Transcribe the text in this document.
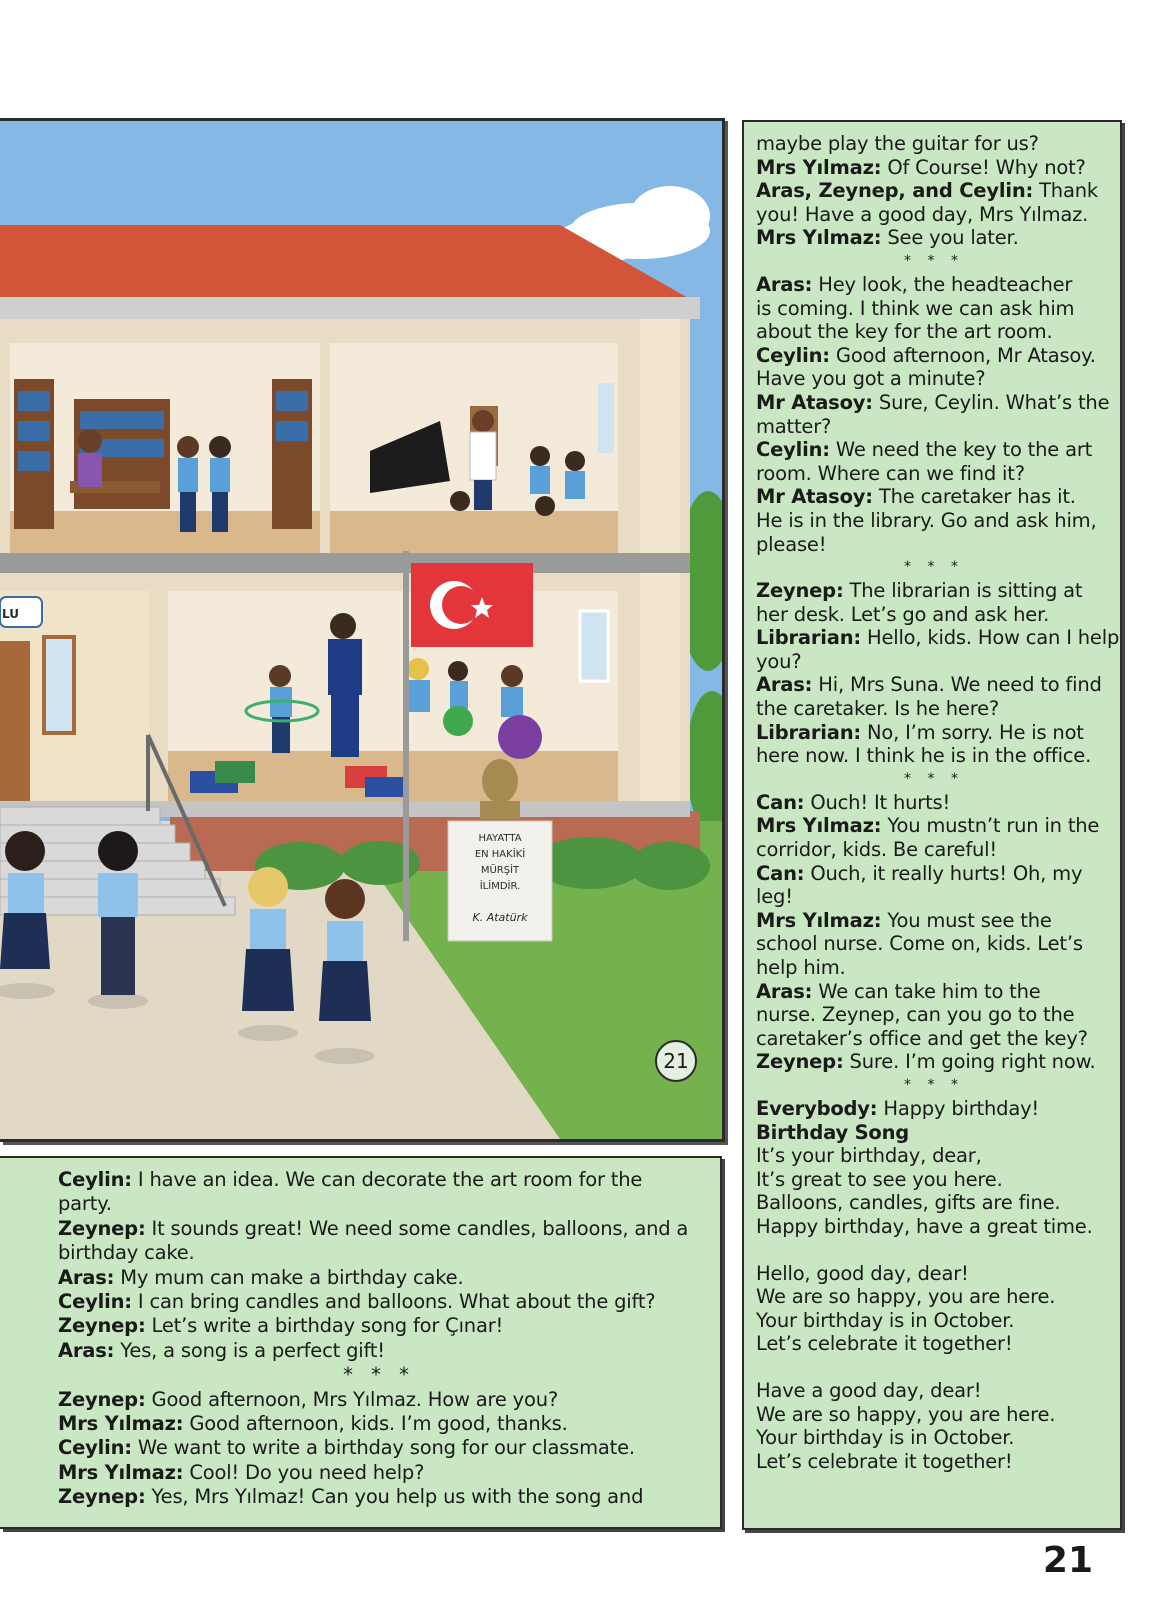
LU
HAYATTA
EN HAKİKİ
MÜRŞİT
İLİMDİR.
K. Atatürk
21
Ceylin: I have an idea. We can decorate the art room for the
party.
Zeynep: It sounds great! We need some candles, balloons, and a
birthday cake.
Aras: My mum can make a birthday cake.
Ceylin: I can bring candles and balloons. What about the gift?
Zeynep: Let’s write a birthday song for Çınar!
Aras: Yes, a song is a perfect gift!
* * *
Zeynep: Good afternoon, Mrs Yılmaz. How are you?
Mrs Yılmaz: Good afternoon, kids. I’m good, thanks.
Ceylin: We want to write a birthday song for our classmate.
Mrs Yılmaz: Cool! Do you need help?
Zeynep: Yes, Mrs Yılmaz! Can you help us with the song and
maybe play the guitar for us?
Mrs Yılmaz: Of Course! Why not?
Aras, Zeynep, and Ceylin: Thank
you! Have a good day, Mrs Yılmaz.
Mrs Yılmaz: See you later.
* * *
Aras: Hey look, the headteacher
is coming. I think we can ask him
about the key for the art room.
Ceylin: Good afternoon, Mr Atasoy.
Have you got a minute?
Mr Atasoy: Sure, Ceylin. What’s the
matter?
Ceylin: We need the key to the art
room. Where can we find it?
Mr Atasoy: The caretaker has it.
He is in the library. Go and ask him,
please!
* * *
Zeynep: The librarian is sitting at
her desk. Let’s go and ask her.
Librarian: Hello, kids. How can I help
you?
Aras: Hi, Mrs Suna. We need to find
the caretaker. Is he here?
Librarian: No, I’m sorry. He is not
here now. I think he is in the office.
* * *
Can: Ouch! It hurts!
Mrs Yılmaz: You mustn’t run in the
corridor, kids. Be careful!
Can: Ouch, it really hurts! Oh, my
leg!
Mrs Yılmaz: You must see the
school nurse. Come on, kids. Let’s
help him.
Aras: We can take him to the
nurse. Zeynep, can you go to the
caretaker’s office and get the key?
Zeynep: Sure. I’m going right now.
* * *
Everybody: Happy birthday!
Birthday Song
It’s your birthday, dear,
It’s great to see you here.
Balloons, candles, gifts are fine.
Happy birthday, have a great time.
Hello, good day, dear!
We are so happy, you are here.
Your birthday is in October.
Let’s celebrate it together!
Have a good day, dear!
We are so happy, you are here.
Your birthday is in October.
Let’s celebrate it together!
21
